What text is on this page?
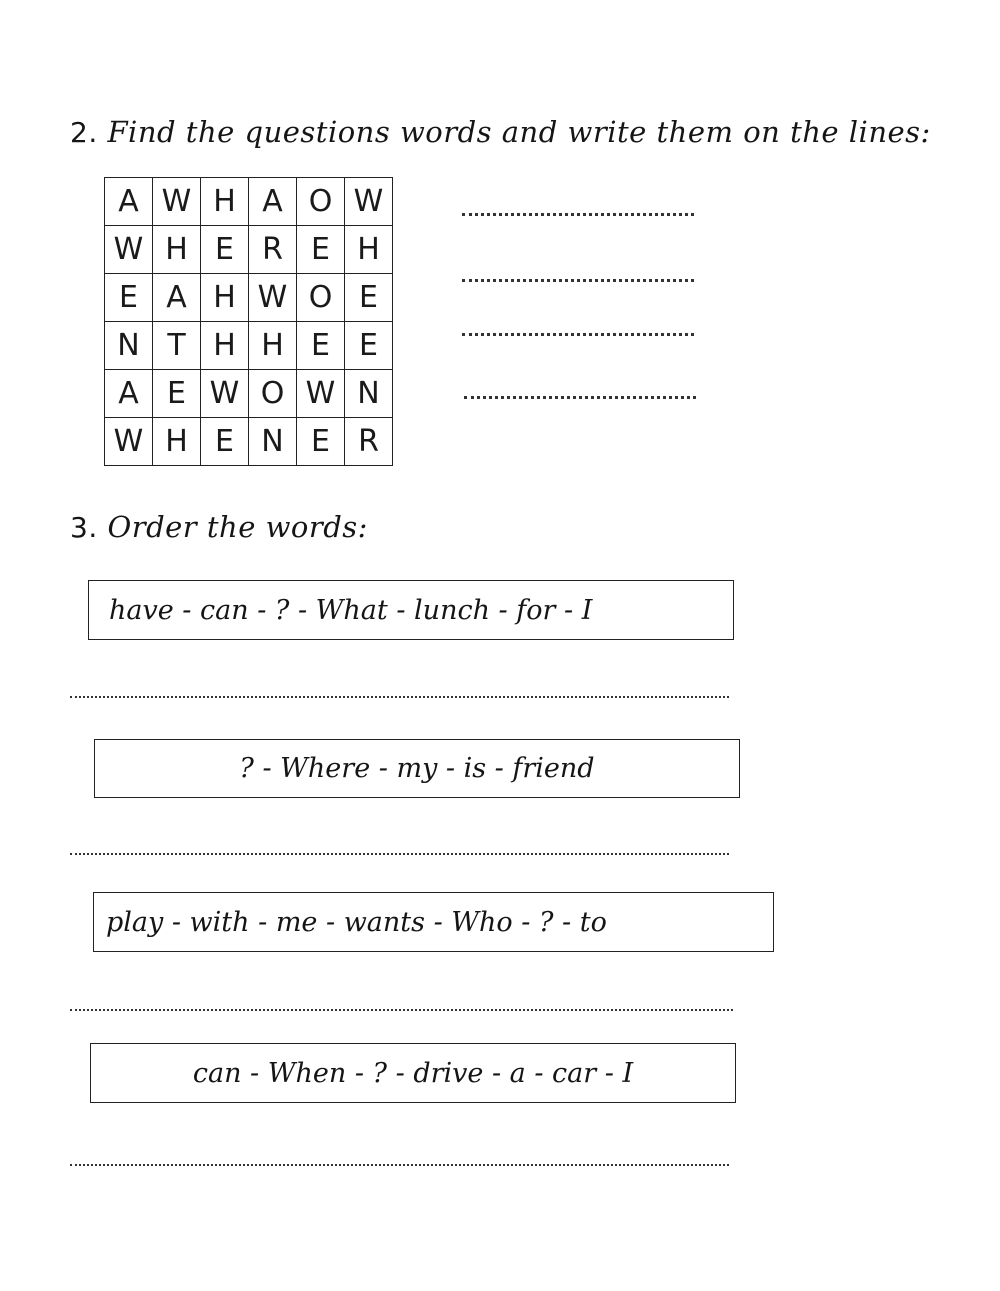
2. Find the questions words and write them on the lines:
A	W	H	A	O	W
W	H	E	R	E	H
E	A	H	W	O	E
N	T	H	H	E	E
A	E	W	O	W	N
W	H	E	N	E	R
3. Order the words:
have - can - ? - What - lunch - for - I
? - Where - my - is - friend
play - with - me - wants - Who - ? - to
can - When - ? - drive - a - car - I
